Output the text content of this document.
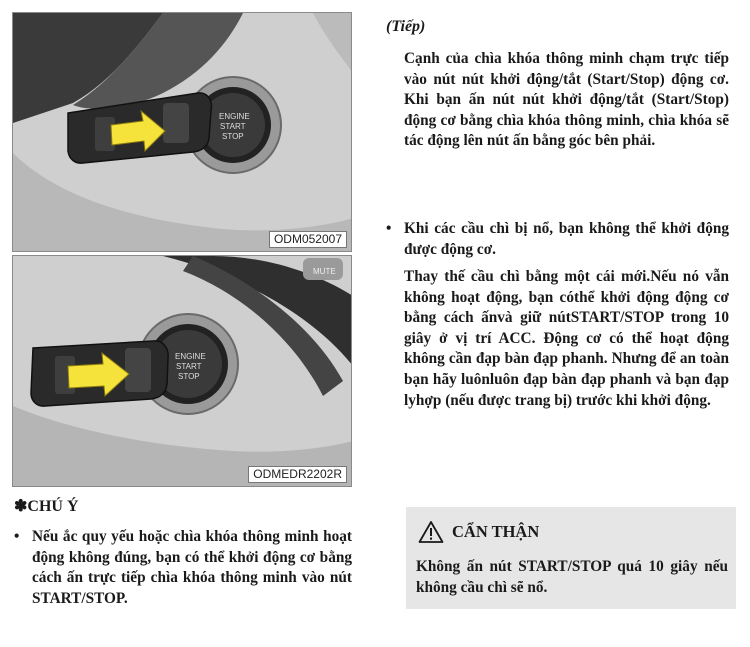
ENGINE
START
STOP
ODM052007
MUTE
ENGINE
START
STOP
ODMEDR2202R
✽CHÚ Ý
• Nếu ắc quy yếu hoặc chìa khóa thông minh hoạt động không đúng, bạn có thể khởi động cơ bằng cách ấn trực tiếp chìa khóa thông minh vào nút START/STOP.
(Tiếp)
Cạnh của chìa khóa thông minh chạm trực tiếp vào nút nút khởi động/tắt (Start/Stop) động cơ. Khi bạn ấn nút nút khởi động/tắt (Start/Stop) động cơ bằng chìa khóa thông minh, chìa khóa sẽ tác động lên nút ấn bằng góc bên phải.
• Khi các cầu chì bị nổ, bạn không thể khởi động được động cơ.
Thay thế cầu chì bằng một cái mới.Nếu nó vẫn không hoạt động, bạn cóthể khởi động động cơ bằng cách ấnvà giữ nútSTART/STOP trong 10 giây ở vị trí ACC. Động cơ có thể hoạt động không cần đạp bàn đạp phanh. Nhưng để an toàn bạn hãy luônluôn đạp bàn đạp phanh và bạn đạp lyhợp (nếu được trang bị) trước khi khởi động.
CẨN THẬN
Không ấn nút START/STOP quá 10 giây nếu không cầu chì sẽ nổ.
